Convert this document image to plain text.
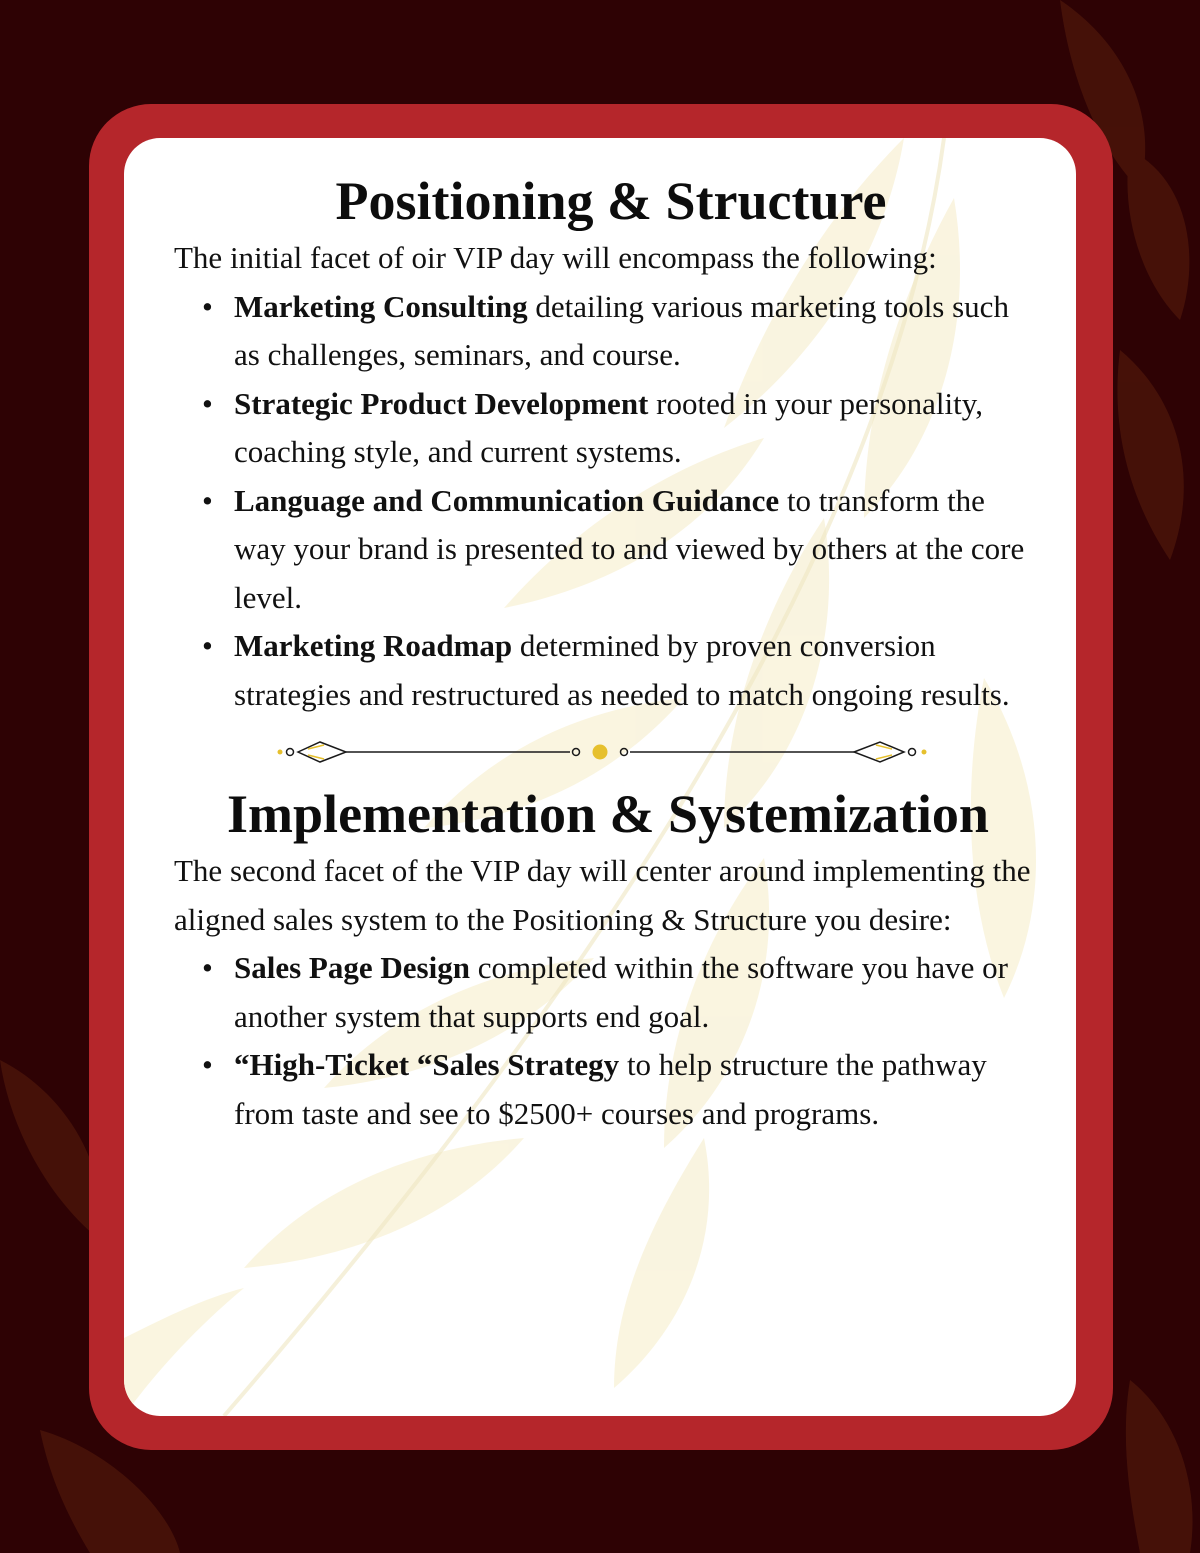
Positioning & Structure

The initial facet of oir VIP day will encompass the following:

• Marketing Consulting detailing various marketing tools such as challenges, seminars, and course.
• Strategic Product Development rooted in your personality, coaching style, and current systems.
• Language and Communication Guidance to transform the way your brand is presented to and viewed by others at the core level.
• Marketing Roadmap determined by proven conversion strategies and restructured as needed to match ongoing results.
Implementation & Systemization

The second facet of the VIP day will center around implementing the aligned sales system to the Positioning & Structure you desire:

• Sales Page Design completed within the software you have or another system that supports end goal.
• “High-Ticket “Sales Strategy to help structure the pathway from taste and see to $2500+ courses and programs.
